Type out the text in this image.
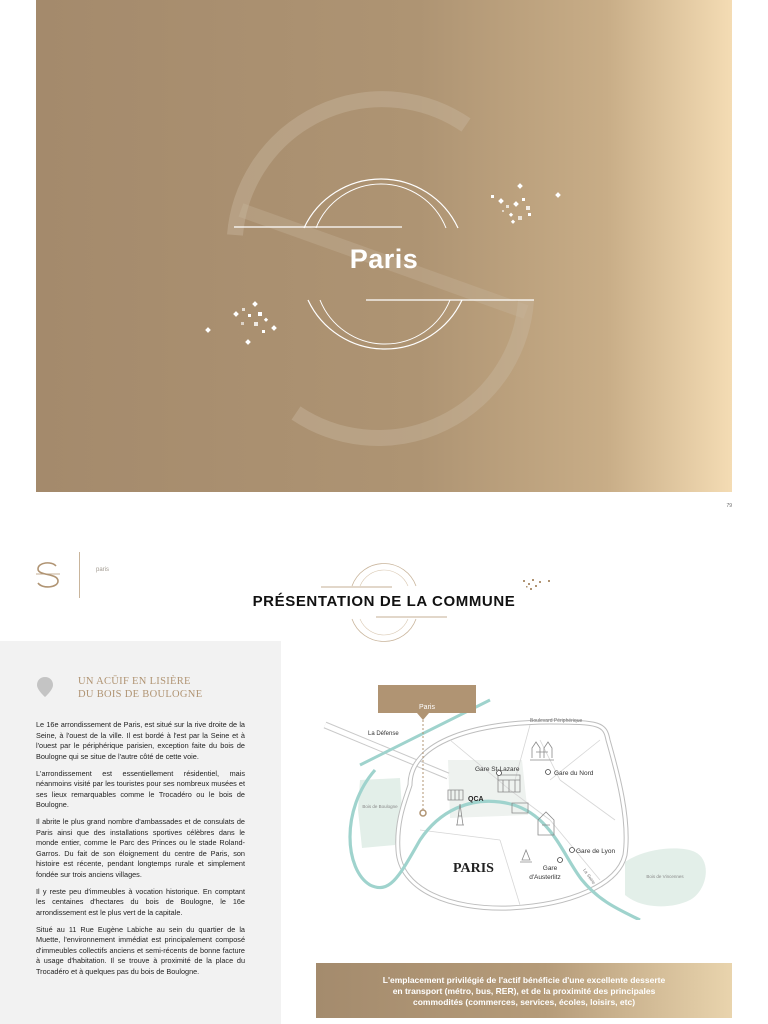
Paris
79
paris
PRÉSENTATION DE LA COMMUNE
UN ACŪIF EN LISIÈRE
DU BOIS DE BOULOGNE

Le 16e arrondissement de Paris, est situé sur la rive droite de la Seine, à l'ouest de la ville. Il est bordé à l'est par la Seine et à l'ouest par le périphérique parisien, exception faite du bois de Boulogne qui se situe de l'autre côté de cette voie.

L'arrondissement est essentiellement résidentiel, mais néanmoins visité par les touristes pour ses nombreux musées et ses lieux remarquables comme le Trocadéro ou le bois de Boulogne.

Il abrite le plus grand nombre d'ambassades et de consulats de Paris ainsi que des installations sportives célèbres dans le monde entier, comme le Parc des Princes ou le stade Roland-Garros. Du fait de son éloignement du centre de Paris, son histoire est récente, pendant longtemps rurale et simplement fondée sur trois anciens villages.

Il y reste peu d'immeubles à vocation historique. En comptant les centaines d'hectares du bois de Boulogne, le 16e arrondissement est le plus vert de la capitale.

Situé au 11 Rue Eugène Labiche au sein du quartier de la Muette, l'environnement immédiat est principalement composé d'immeubles collectifs anciens et semi-récents de bonne facture à usage d'habitation. Il se trouve à proximité de la place du Trocadéro et à quelques pas du bois de Boulogne.

Paris
Boulevard Périphérique
La Défense
Bois de Boulogne
Bois de Vincennes
Gare St-Lazare
Gare du Nord
Gare de Lyon
Gare
d'Austerlitz
QCA
PARIS	La Seine
L'emplacement privilégié de l'actif bénéficie d'une excellente desserte
en transport (métro, bus, RER), et de la proximité des principales
commodités (commerces, services, écoles, loisirs, etc)
